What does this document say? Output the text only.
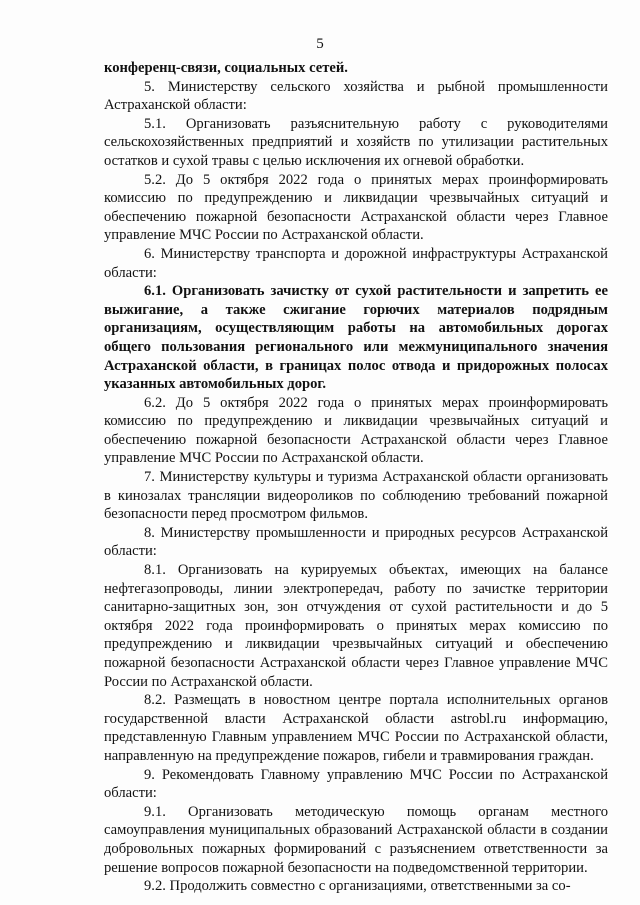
5

конференц-связи, социальных сетей.

5. Министерству сельского хозяйства и рыбной промышленности Астраханской области:

5.1. Организовать разъяснительную работу с руководителями сельскохозяйственных предприятий и хозяйств по утилизации растительных остатков и сухой травы с целью исключения их огневой обработки.

5.2. До 5 октября 2022 года о принятых мерах проинформировать комиссию по предупреждению и ликвидации чрезвычайных ситуаций и обеспечению пожарной безопасности Астраханской области через Главное управление МЧС России по Астраханской области.

6. Министерству транспорта и дорожной инфраструктуры Астраханской области:

6.1. Организовать зачистку от сухой растительности и запретить ее выжигание, а также сжигание горючих материалов подрядным организациям, осуществляющим работы на автомобильных дорогах общего пользования регионального или межмуниципального значения Астраханской области, в границах полос отвода и придорожных полосах указанных автомобильных дорог.

6.2. До 5 октября 2022 года о принятых мерах проинформировать комиссию по предупреждению и ликвидации чрезвычайных ситуаций и обеспечению пожарной безопасности Астраханской области через Главное управление МЧС России по Астраханской области.

7. Министерству культуры и туризма Астраханской области организовать в кинозалах трансляции видеороликов по соблюдению требований пожарной безопасности перед просмотром фильмов.

8. Министерству промышленности и природных ресурсов Астраханской области:

8.1. Организовать на курируемых объектах, имеющих на балансе нефтегазопроводы, линии электропередач, работу по зачистке территории санитарно-защитных зон, зон отчуждения от сухой растительности и до 5 октября 2022 года проинформировать о принятых мерах комиссию по предупреждению и ликвидации чрезвычайных ситуаций и обеспечению пожарной безопасности Астраханской области через Главное управление МЧС России по Астраханской области.

8.2. Размещать в новостном центре портала исполнительных органов государственной власти Астраханской области astrobl.ru информацию, представленную Главным управлением МЧС России по Астраханской области, направленную на предупреждение пожаров, гибели и травмирования граждан.

9. Рекомендовать Главному управлению МЧС России по Астраханской области:

9.1. Организовать методическую помощь органам местного самоуправления муниципальных образований Астраханской области в создании добровольных пожарных формирований с разъяснением ответственности за решение вопросов пожарной безопасности на подведомственной территории.

9.2. Продолжить совместно с организациями, ответственными за со-
